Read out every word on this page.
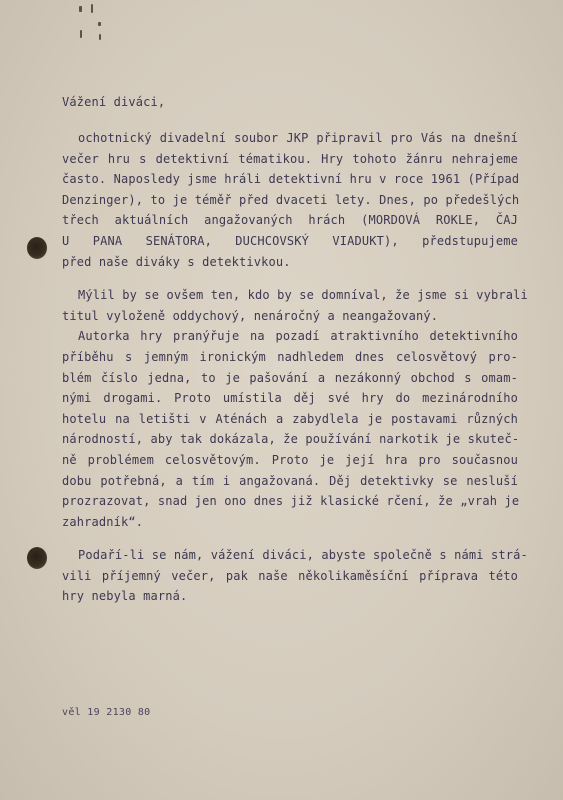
Vážení diváci,

ochotnický divadelní soubor JKP připravil pro Vás na dnešní
večer hru s detektivní tématikou. Hry tohoto žánru nehrajeme
často. Naposledy jsme hráli detektivní hru v roce 1961 (Případ
Denzinger), to je téměř před dvaceti lety. Dnes, po předešlých
třech aktuálních angažovaných hrách (MORDOVÁ ROKLE, ČAJ
U PANA SENÁTORA, DUCHCOVSKÝ VIADUKT), předstupujeme
před naše diváky s detektivkou.
Mýlil by se ovšem ten, kdo by se domníval, že jsme si vybrali
titul vyloženě oddychový, nenáročný a neangažovaný.
Autorka hry pranýřuje na pozadí atraktivního detektivního
příběhu s jemným ironickým nadhledem dnes celosvětový pro-
blém číslo jedna, to je pašování a nezákonný obchod s omam-
nými drogami. Proto umístila děj své hry do mezinárodního
hotelu na letišti v Aténách a zabydlela je postavami různých
národností, aby tak dokázala, že používání narkotik je skuteč-
ně problémem celosvětovým. Proto je její hra pro současnou
dobu potřebná, a tím i angažovaná. Děj detektivky se nesluší
prozrazovat, snad jen ono dnes již klasické rčení, že „vrah je
zahradník“.
Podaří-li se nám, vážení diváci, abyste společně s námi strá-
vili příjemný večer, pak naše několikaměsíční příprava této
hry nebyla marná.
věl 19 2130 80
